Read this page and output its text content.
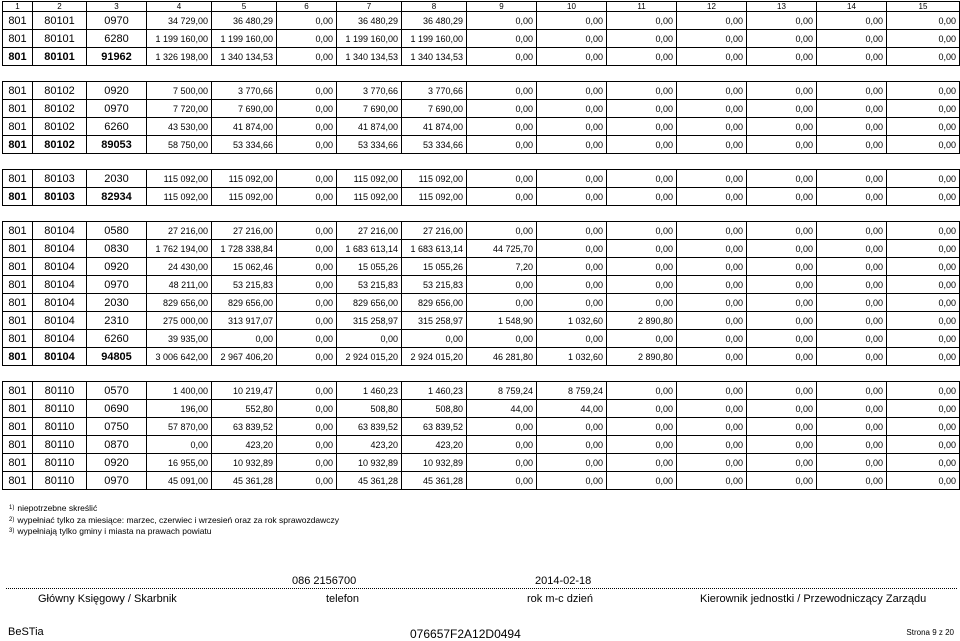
1	2	3	4	5	6	7	8	9	10	11	12	13	14	15
801	80101	0970	34 729,00	36 480,29	0,00	36 480,29	36 480,29	0,00	0,00	0,00	0,00	0,00	0,00	0,00
801	80101	6280	1 199 160,00	1 199 160,00	0,00	1 199 160,00	1 199 160,00	0,00	0,00	0,00	0,00	0,00	0,00	0,00
801	80101	91962	1 326 198,00	1 340 134,53	0,00	1 340 134,53	1 340 134,53	0,00	0,00	0,00	0,00	0,00	0,00	0,00

801	80102	0920	7 500,00	3 770,66	0,00	3 770,66	3 770,66	0,00	0,00	0,00	0,00	0,00	0,00	0,00
801	80102	0970	7 720,00	7 690,00	0,00	7 690,00	7 690,00	0,00	0,00	0,00	0,00	0,00	0,00	0,00
801	80102	6260	43 530,00	41 874,00	0,00	41 874,00	41 874,00	0,00	0,00	0,00	0,00	0,00	0,00	0,00
801	80102	89053	58 750,00	53 334,66	0,00	53 334,66	53 334,66	0,00	0,00	0,00	0,00	0,00	0,00	0,00

801	80103	2030	115 092,00	115 092,00	0,00	115 092,00	115 092,00	0,00	0,00	0,00	0,00	0,00	0,00	0,00
801	80103	82934	115 092,00	115 092,00	0,00	115 092,00	115 092,00	0,00	0,00	0,00	0,00	0,00	0,00	0,00

801	80104	0580	27 216,00	27 216,00	0,00	27 216,00	27 216,00	0,00	0,00	0,00	0,00	0,00	0,00	0,00
801	80104	0830	1 762 194,00	1 728 338,84	0,00	1 683 613,14	1 683 613,14	44 725,70	0,00	0,00	0,00	0,00	0,00	0,00
801	80104	0920	24 430,00	15 062,46	0,00	15 055,26	15 055,26	7,20	0,00	0,00	0,00	0,00	0,00	0,00
801	80104	0970	48 211,00	53 215,83	0,00	53 215,83	53 215,83	0,00	0,00	0,00	0,00	0,00	0,00	0,00
801	80104	2030	829 656,00	829 656,00	0,00	829 656,00	829 656,00	0,00	0,00	0,00	0,00	0,00	0,00	0,00
801	80104	2310	275 000,00	313 917,07	0,00	315 258,97	315 258,97	1 548,90	1 032,60	2 890,80	0,00	0,00	0,00	0,00
801	80104	6260	39 935,00	0,00	0,00	0,00	0,00	0,00	0,00	0,00	0,00	0,00	0,00	0,00
801	80104	94805	3 006 642,00	2 967 406,20	0,00	2 924 015,20	2 924 015,20	46 281,80	1 032,60	2 890,80	0,00	0,00	0,00	0,00

801	80110	0570	1 400,00	10 219,47	0,00	1 460,23	1 460,23	8 759,24	8 759,24	0,00	0,00	0,00	0,00	0,00
801	80110	0690	196,00	552,80	0,00	508,80	508,80	44,00	44,00	0,00	0,00	0,00	0,00	0,00
801	80110	0750	57 870,00	63 839,52	0,00	63 839,52	63 839,52	0,00	0,00	0,00	0,00	0,00	0,00	0,00
801	80110	0870	0,00	423,20	0,00	423,20	423,20	0,00	0,00	0,00	0,00	0,00	0,00	0,00
801	80110	0920	16 955,00	10 932,89	0,00	10 932,89	10 932,89	0,00	0,00	0,00	0,00	0,00	0,00	0,00
801	80110	0970	45 091,00	45 361,28	0,00	45 361,28	45 361,28	0,00	0,00	0,00	0,00	0,00	0,00	0,00
$^{1)}$ niepotrzebne skreślić
$^{2)}$ wypełniać tylko za miesiące: marzec, czerwiec i wrzesień oraz za rok sprawozdawczy
$^{3)}$ wypełniają tylko gminy i miasta na prawach powiatu
086 2156700	2014-02-18
Główny Księgowy / Skarbnik	telefon	rok m-c dzień	Kierownik jednostki / Przewodniczący Zarządu
BeSTia	076657F2A12D0494	Strona 9 z 20
